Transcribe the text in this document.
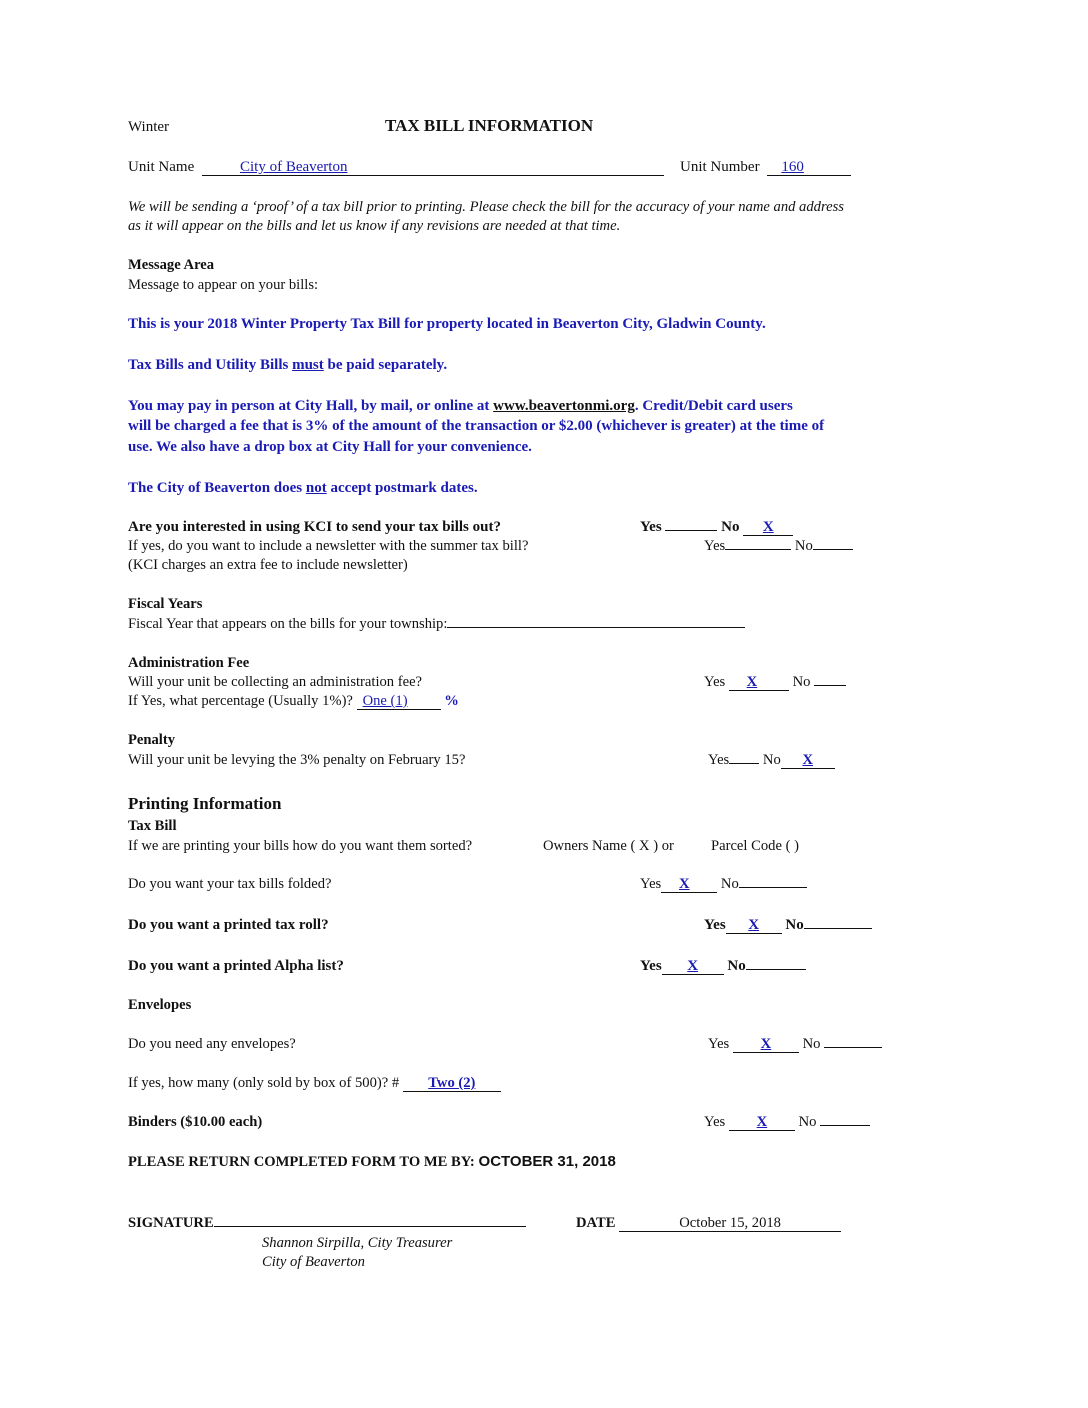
Winter	TAX BILL INFORMATION
Unit Name	City of Beaverton	Unit Number 160
We will be sending a ‘proof’ of a tax bill prior to printing. Please check the bill for the accuracy of your name and address
as it will appear on the bills and let us know if any revisions are needed at that time.
Message Area
Message to appear on your bills:
This is your 2018 Winter Property Tax Bill for property located in Beaverton City, Gladwin County.
Tax Bills and Utility Bills must be paid separately.
You may pay in person at City Hall, by mail, or online at www.beavertonmi.org. Credit/Debit card users
will be charged a fee that is 3% of the amount of the transaction or $2.00 (whichever is greater) at the time of
use. We also have a drop box at City Hall for your convenience.
The City of Beaverton does not accept postmark dates.
Are you interested in using KCI to send your tax bills out?	Yes	No X
If yes, do you want to include a newsletter with the summer tax bill?	Yes	No
(KCI charges an extra fee to include newsletter)
Fiscal Years
Fiscal Year that appears on the bills for your township:
Administration Fee
Will your unit be collecting an administration fee?	Yes X No
If Yes, what percentage (Usually 1%)? One (1)	%
Penalty
Will your unit be levying the 3% penalty on February 15?	Yes No X
Printing Information
Tax Bill
If we are printing your bills how do you want them sorted?	Owners Name ( X ) or	Parcel Code ( )
Do you want your tax bills folded?	Yes X No
Do you want a printed tax roll?	Yes X No
Do you want a printed Alpha list?	Yes X No
Envelopes
Do you need any envelopes?	Yes X No
If yes, how many (only sold by box of 500)? # Two (2)
Binders ($10.00 each)	Yes X No
PLEASE RETURN COMPLETED FORM TO ME BY: OCTOBER 31, 2018
SIGNATURE	DATE	October 15, 2018
Shannon Sirpilla, City Treasurer
City of Beaverton
